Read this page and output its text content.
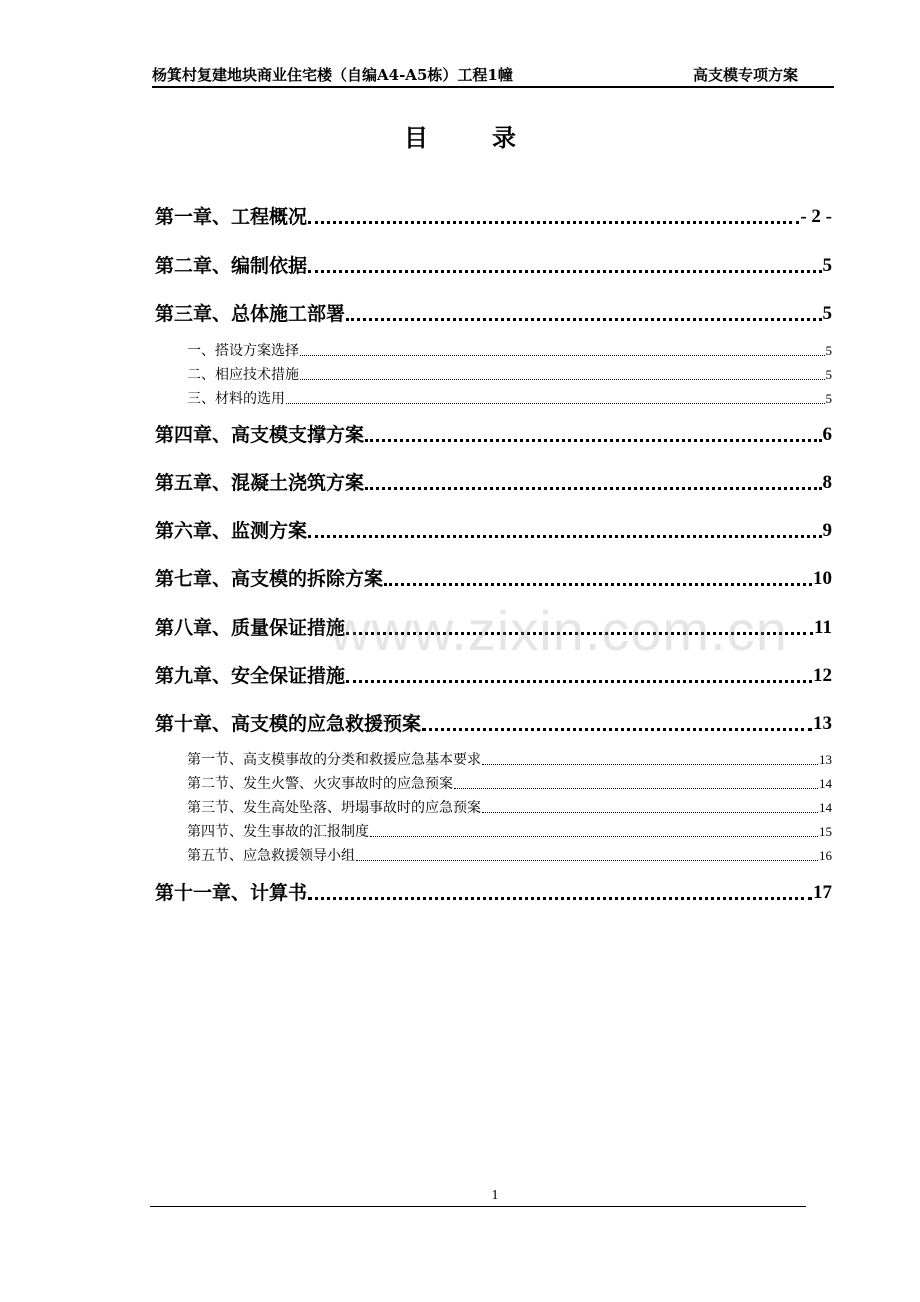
杨箕村复建地块商业住宅楼（自编A4-A5栋）工程1幢	高支模专项方案
目	录
第一章、工程概况	- 2 -
第二章、编制依据	5
第三章、总体施工部署	5
一、搭设方案选择	5
二、相应技术措施	5
三、材料的选用	5
第四章、高支模支撑方案	6
第五章、混凝土浇筑方案	8
第六章、监测方案	9
第七章、高支模的拆除方案	10
第八章、质量保证措施	11
第九章、安全保证措施	12
第十章、高支模的应急救援预案	13
第一节、高支模事故的分类和救援应急基本要求	13
第二节、发生火警、火灾事故时的应急预案	14
第三节、发生高处坠落、坍塌事故时的应急预案	14
第四节、发生事故的汇报制度	15
第五节、应急救援领导小组	16
第十一章、计算书	17
www.zixin.com.cn
1
